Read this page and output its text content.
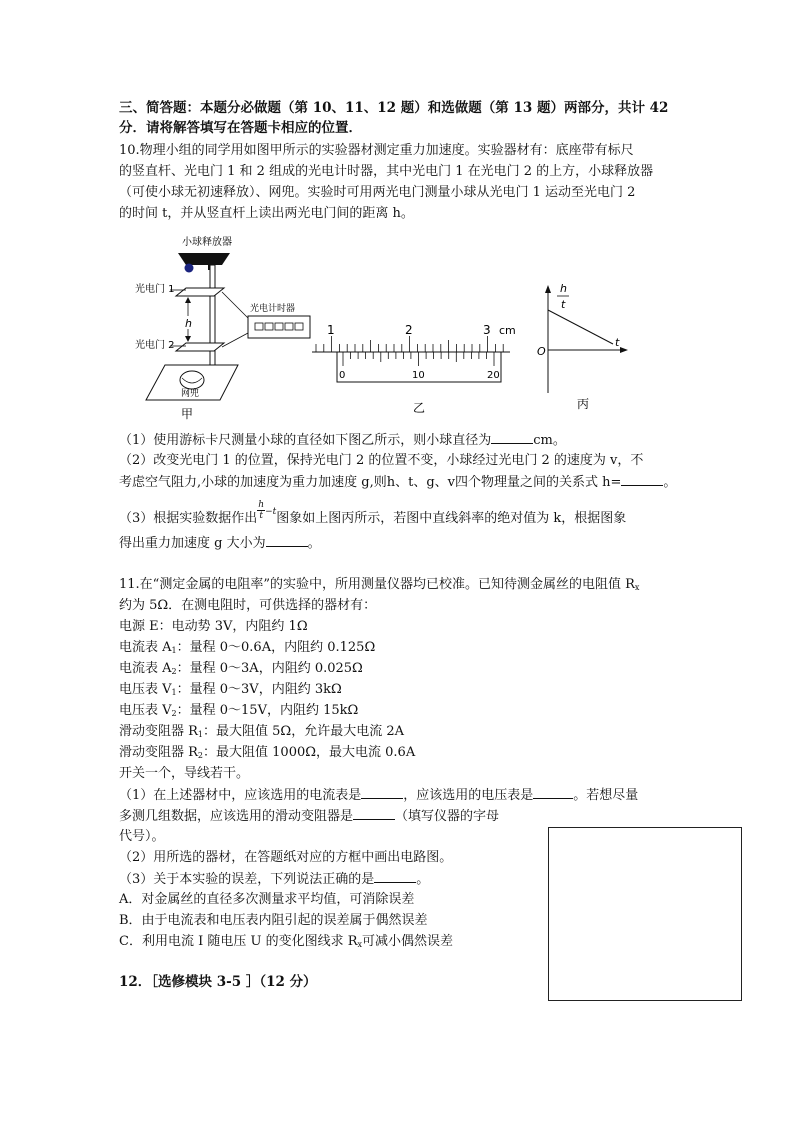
三、简答题：本题分必做题（第 10、11、12 题）和选做题（第 13 题）两部分，共计 42
分．请将解答填写在答题卡相应的位置．
10.物理小组的同学用如图甲所示的实验器材测定重力加速度。实验器材有：底座带有标尺
的竖直杆、光电门 1 和 2 组成的光电计时器，其中光电门 1 在光电门 2 的上方，小球释放器
（可使小球无初速释放）、网兜。实验时可用两光电门测量小球从光电门 1 运动至光电门 2
的时间 t，并从竖直杆上读出两光电门间的距离 h。
小球释放器
光电门 1
光电门 2
h
光电计时器
网兜
甲
1	2	3 cm
0	10	20
乙
h
t
t
O
丙
（1）使用游标卡尺测量小球的直径如下图乙所示，则小球直径为	cm。
（2）改变光电门 1 的位置，保持光电门 2 的位置不变，小球经过光电门 2 的速度为 v，不
考虑空气阻力,小球的加速度为重力加速度 g,则h、t、g、v四个物理量之间的关系式 h=	。
（3）根据实验数据作出 $\frac{h}{t}^{-t}$图象如上图丙所示，若图中直线斜率的绝对值为 k，根据图象
得出重力加速度 g 大小为	。
11.在“测定金属的电阻率”的实验中，所用测量仪器均已校准。已知待测金属丝的电阻值 $R_x$
约为 5Ω．在测电阻时，可供选择的器材有：
电源 E：电动势 3V，内阻约 1Ω
电流表 $A_1$：量程 0～0.6A，内阻约 0.125Ω
电流表 $A_2$：量程 0～3A，内阻约 0.025Ω
电压表 $V_1$：量程 0～3V，内阻约 3kΩ
电压表 $V_2$：量程 0～15V，内阻约 15kΩ
滑动变阻器 $R_1$：最大阻值 5Ω，允许最大电流 2A
滑动变阻器 $R_2$：最大阻值 1000Ω，最大电流 0.6A
开关一个，导线若干。
（1）在上述器材中，应该选用的电流表是	，应该选用的电压表是	。若想尽量
多测几组数据，应该选用的滑动变阻器是	（填写仪器的字母
代号）。
（2）用所选的器材，在答题纸对应的方框中画出电路图。
（3）关于本实验的误差，下列说法正确的是	。
A．对金属丝的直径多次测量求平均值，可消除误差
B．由于电流表和电压表内阻引起的误差属于偶然误差
C．利用电流 I 随电压 U 的变化图线求 $R_x$可减小偶然误差
12．［选修模块 3-5 ］（12 分）
